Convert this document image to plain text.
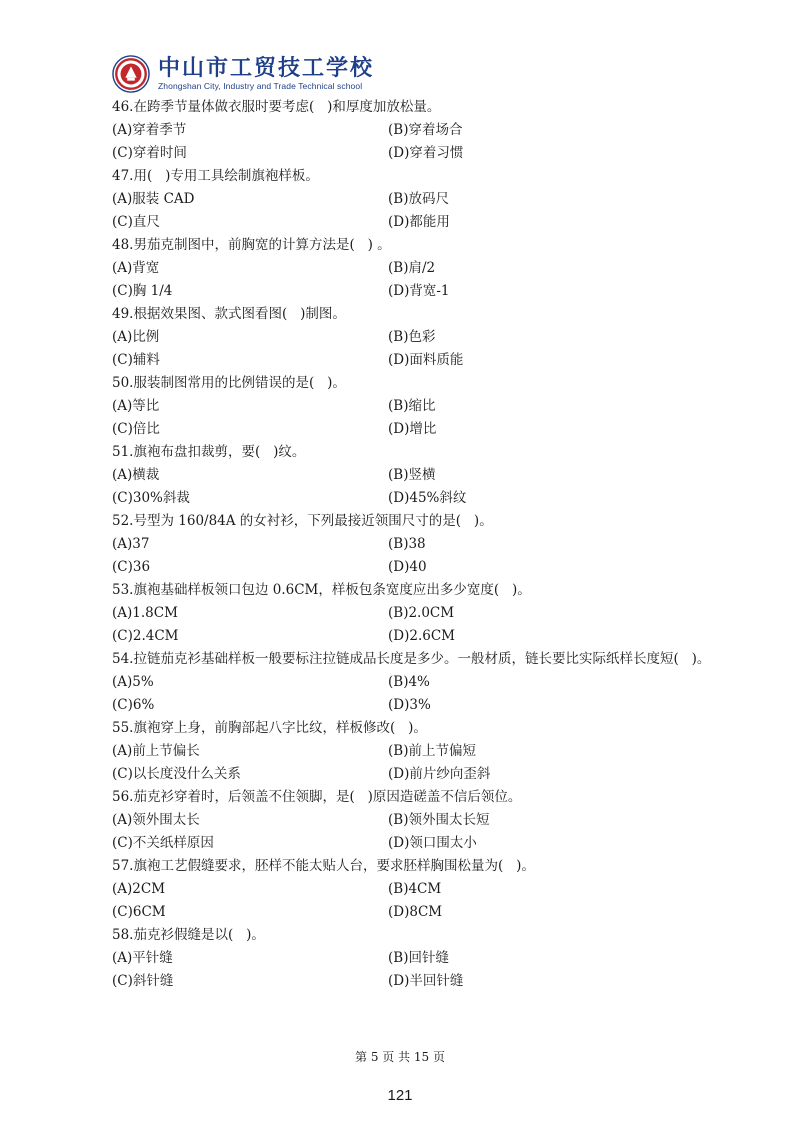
中山市工贸技工学校
Zhongshan City, Industry and Trade Technical school
46.在跨季节量体做衣服时要考虑(   )和厚度加放松量。
(A)穿着季节	(B)穿着场合
(C)穿着时间	(D)穿着习惯
47.用(   )专用工具绘制旗袍样板。
(A)服装 CAD	(B)放码尺
(C)直尺	(D)都能用
48.男茄克制图中，前胸宽的计算方法是(   ) 。
(A)背宽	(B)肩/2
(C)胸 1/4	(D)背宽-1
49.根据效果图、款式图看图(   )制图。
(A)比例	(B)色彩
(C)辅料	(D)面料质能
50.服装制图常用的比例错误的是(   )。
(A)等比	(B)缩比
(C)倍比	(D)增比
51.旗袍布盘扣裁剪，要(   )纹。
(A)横裁	(B)竖横
(C)30%斜裁	(D)45%斜纹
52.号型为 160/84A 的女衬衫，下列最接近领围尺寸的是(   )。
(A)37	(B)38
(C)36	(D)40
53.旗袍基础样板领口包边 0.6CM，样板包条宽度应出多少宽度(   )。
(A)1.8CM	(B)2.0CM
(C)2.4CM	(D)2.6CM
54.拉链茄克衫基础样板一般要标注拉链成品长度是多少。一般材质，链长要比实际纸样长度短(   )。
(A)5%	(B)4%
(C)6%	(D)3%
55.旗袍穿上身，前胸部起八字比纹，样板修改(   )。
(A)前上节偏长	(B)前上节偏短
(C)以长度没什么关系	(D)前片纱向歪斜
56.茄克衫穿着时，后领盖不住领脚，是(   )原因造磋盖不信后领位。
(A)领外围太长	(B)领外围太长短
(C)不关纸样原因	(D)领口围太小
57.旗袍工艺假缝要求，胚样不能太贴人台，要求胚样胸围松量为(   )。
(A)2CM	(B)4CM
(C)6CM	(D)8CM
58.茄克衫假缝是以(   )。
(A)平针缝	(B)回针缝
(C)斜针缝	(D)半回针缝
第 5 页 共 15 页
121
